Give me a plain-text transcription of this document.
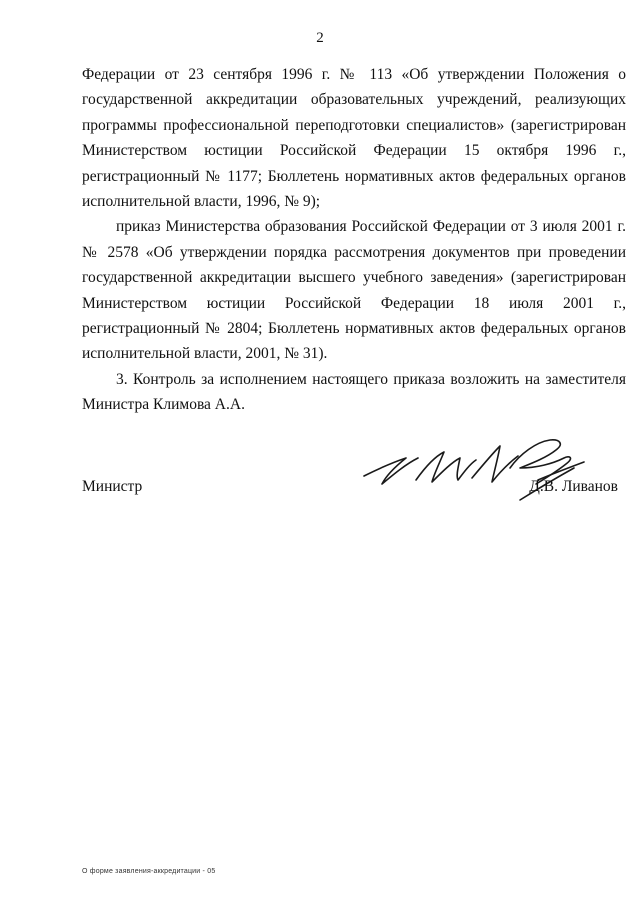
2

Федерации от 23 сентября 1996 г. № 113 «Об утверждении Положения о государственной аккредитации образовательных учреждений, реализующих программы профессиональной переподготовки специалистов» (зарегистрирован Министерством юстиции Российской Федерации 15 октября 1996 г., регистрационный № 1177; Бюллетень нормативных актов федеральных органов исполнительной власти, 1996, № 9);

приказ Министерства образования Российской Федерации от 3 июля 2001 г. № 2578 «Об утверждении порядка рассмотрения документов при проведении государственной аккредитации высшего учебного заведения» (зарегистрирован Министерством юстиции Российской Федерации 18 июля 2001 г., регистрационный № 2804; Бюллетень нормативных актов федеральных органов исполнительной власти, 2001, № 31).

3. Контроль за исполнением настоящего приказа возложить на заместителя Министра Климова А.А.

Министр	Д.В. Ливанов
О форме заявления-аккредитации - 05
